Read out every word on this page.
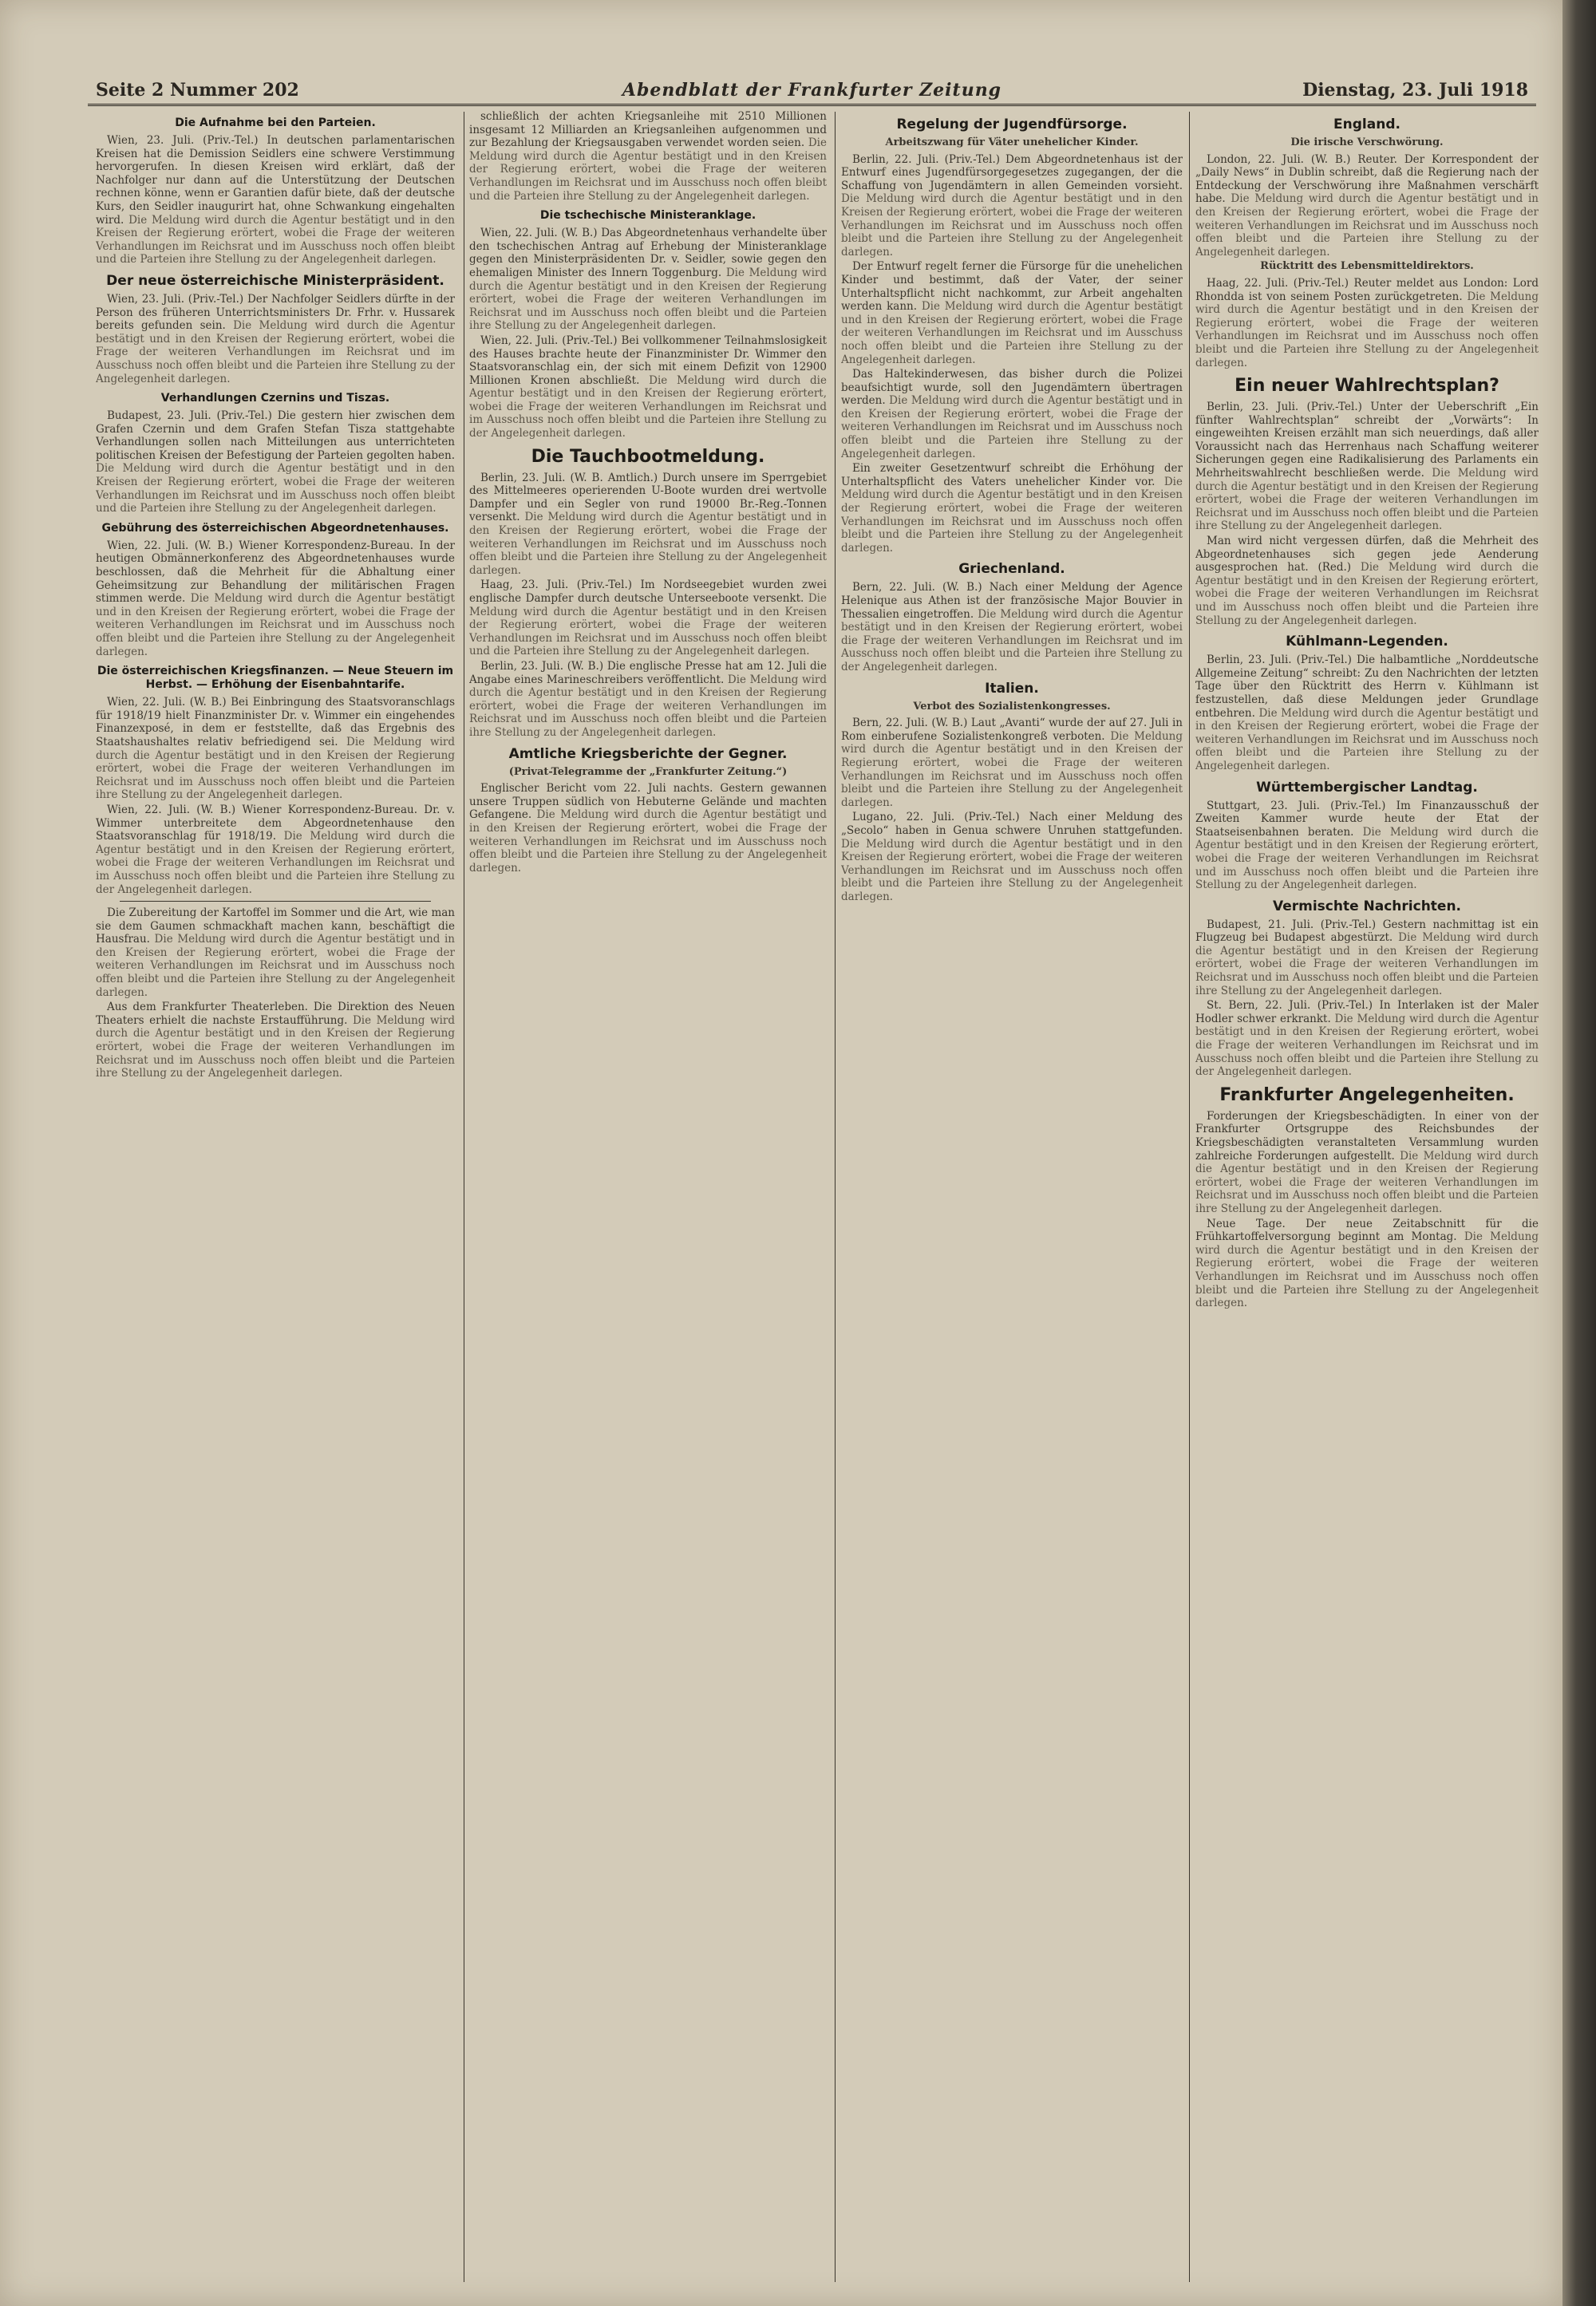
Abendblatt der Frankfurter Zeitung
Seite 2 Nummer 202	Dienstag, 23. Juli 1918
Die Aufnahme bei den Parteien.

Wien, 23. Juli. (Priv.-Tel.) In deutschen parlamentarischen Kreisen hat die Demission Seidlers eine schwere Verstimmung hervorgerufen. In diesen Kreisen wird erklärt, daß der Nachfolger nur dann auf die Unterstützung der Deutschen rechnen könne, wenn er Garantien dafür biete, daß der deutsche Kurs, den Seidler inaugurirt hat, ohne Schwankung eingehalten wird. Die Meldung wird durch die Agentur bestätigt und in den Kreisen der Regierung erörtert, wobei die Frage der weiteren Verhandlungen im Reichsrat und im Ausschuss noch offen bleibt und die Parteien ihre Stellung zu der Angelegenheit darlegen.

Der neue österreichische Ministerpräsident.

Wien, 23. Juli. (Priv.-Tel.) Der Nachfolger Seidlers dürfte in der Person des früheren Unterrichtsministers Dr. Frhr. v. Hussarek bereits gefunden sein. Die Meldung wird durch die Agentur bestätigt und in den Kreisen der Regierung erörtert, wobei die Frage der weiteren Verhandlungen im Reichsrat und im Ausschuss noch offen bleibt und die Parteien ihre Stellung zu der Angelegenheit darlegen.

Verhandlungen Czernins und Tiszas.

Budapest, 23. Juli. (Priv.-Tel.) Die gestern hier zwischen dem Grafen Czernin und dem Grafen Stefan Tisza stattgehabte Verhandlungen sollen nach Mitteilungen aus unterrichteten politischen Kreisen der Befestigung der Parteien gegolten haben. Die Meldung wird durch die Agentur bestätigt und in den Kreisen der Regierung erörtert, wobei die Frage der weiteren Verhandlungen im Reichsrat und im Ausschuss noch offen bleibt und die Parteien ihre Stellung zu der Angelegenheit darlegen.

Gebührung des österreichischen Abgeordnetenhauses.

Wien, 22. Juli. (W. B.) Wiener Korrespondenz-Bureau. In der heutigen Obmännerkonferenz des Abgeordnetenhauses wurde beschlossen, daß die Mehrheit für die Abhaltung einer Geheimsitzung zur Behandlung der militärischen Fragen stimmen werde. Die Meldung wird durch die Agentur bestätigt und in den Kreisen der Regierung erörtert, wobei die Frage der weiteren Verhandlungen im Reichsrat und im Ausschuss noch offen bleibt und die Parteien ihre Stellung zu der Angelegenheit darlegen.

Die österreichischen Kriegsfinanzen. — Neue Steuern im Herbst. — Erhöhung der Eisenbahntarife.

Wien, 22. Juli. (W. B.) Bei Einbringung des Staatsvoranschlags für 1918/19 hielt Finanzminister Dr. v. Wimmer ein eingehendes Finanzexposé, in dem er feststellte, daß das Ergebnis des Staatshaushaltes relativ befriedigend sei. Die Meldung wird durch die Agentur bestätigt und in den Kreisen der Regierung erörtert, wobei die Frage der weiteren Verhandlungen im Reichsrat und im Ausschuss noch offen bleibt und die Parteien ihre Stellung zu der Angelegenheit darlegen.

Wien, 22. Juli. (W. B.) Wiener Korrespondenz-Bureau. Dr. v. Wimmer unterbreitete dem Abgeordnetenhause den Staatsvoranschlag für 1918/19. Die Meldung wird durch die Agentur bestätigt und in den Kreisen der Regierung erörtert, wobei die Frage der weiteren Verhandlungen im Reichsrat und im Ausschuss noch offen bleibt und die Parteien ihre Stellung zu der Angelegenheit darlegen.

Die Zubereitung der Kartoffel im Sommer und die Art, wie man sie dem Gaumen schmackhaft machen kann, beschäftigt die Hausfrau. Die Meldung wird durch die Agentur bestätigt und in den Kreisen der Regierung erörtert, wobei die Frage der weiteren Verhandlungen im Reichsrat und im Ausschuss noch offen bleibt und die Parteien ihre Stellung zu der Angelegenheit darlegen.

Aus dem Frankfurter Theaterleben. Die Direktion des Neuen Theaters erhielt die nachste Erstaufführung. Die Meldung wird durch die Agentur bestätigt und in den Kreisen der Regierung erörtert, wobei die Frage der weiteren Verhandlungen im Reichsrat und im Ausschuss noch offen bleibt und die Parteien ihre Stellung zu der Angelegenheit darlegen.

schließlich der achten Kriegsanleihe mit 2510 Millionen insgesamt 12 Milliarden an Kriegsanleihen aufgenommen und zur Bezahlung der Kriegsausgaben verwendet worden seien. Die Meldung wird durch die Agentur bestätigt und in den Kreisen der Regierung erörtert, wobei die Frage der weiteren Verhandlungen im Reichsrat und im Ausschuss noch offen bleibt und die Parteien ihre Stellung zu der Angelegenheit darlegen.

Die tschechische Ministeranklage.

Wien, 22. Juli. (W. B.) Das Abgeordnetenhaus verhandelte über den tschechischen Antrag auf Erhebung der Ministeranklage gegen den Ministerpräsidenten Dr. v. Seidler, sowie gegen den ehemaligen Minister des Innern Toggenburg. Die Meldung wird durch die Agentur bestätigt und in den Kreisen der Regierung erörtert, wobei die Frage der weiteren Verhandlungen im Reichsrat und im Ausschuss noch offen bleibt und die Parteien ihre Stellung zu der Angelegenheit darlegen.

Wien, 22. Juli. (Priv.-Tel.) Bei vollkommener Teilnahmslosigkeit des Hauses brachte heute der Finanzminister Dr. Wimmer den Staatsvoranschlag ein, der sich mit einem Defizit von 12900 Millionen Kronen abschließt. Die Meldung wird durch die Agentur bestätigt und in den Kreisen der Regierung erörtert, wobei die Frage der weiteren Verhandlungen im Reichsrat und im Ausschuss noch offen bleibt und die Parteien ihre Stellung zu der Angelegenheit darlegen.

Die Tauchbootmeldung.

Berlin, 23. Juli. (W. B. Amtlich.) Durch unsere im Sperrgebiet des Mittelmeeres operierenden U-Boote wurden drei wertvolle Dampfer und ein Segler von rund 19000 Br.-Reg.-Tonnen versenkt. Die Meldung wird durch die Agentur bestätigt und in den Kreisen der Regierung erörtert, wobei die Frage der weiteren Verhandlungen im Reichsrat und im Ausschuss noch offen bleibt und die Parteien ihre Stellung zu der Angelegenheit darlegen.

Haag, 23. Juli. (Priv.-Tel.) Im Nordseegebiet wurden zwei englische Dampfer durch deutsche Unterseeboote versenkt. Die Meldung wird durch die Agentur bestätigt und in den Kreisen der Regierung erörtert, wobei die Frage der weiteren Verhandlungen im Reichsrat und im Ausschuss noch offen bleibt und die Parteien ihre Stellung zu der Angelegenheit darlegen.

Berlin, 23. Juli. (W. B.) Die englische Presse hat am 12. Juli die Angabe eines Marineschreibers veröffentlicht. Die Meldung wird durch die Agentur bestätigt und in den Kreisen der Regierung erörtert, wobei die Frage der weiteren Verhandlungen im Reichsrat und im Ausschuss noch offen bleibt und die Parteien ihre Stellung zu der Angelegenheit darlegen.

Amtliche Kriegsberichte der Gegner.
(Privat-Telegramme der „Frankfurter Zeitung.“)

Englischer Bericht vom 22. Juli nachts. Gestern gewannen unsere Truppen südlich von Hebuterne Gelände und machten Gefangene. Die Meldung wird durch die Agentur bestätigt und in den Kreisen der Regierung erörtert, wobei die Frage der weiteren Verhandlungen im Reichsrat und im Ausschuss noch offen bleibt und die Parteien ihre Stellung zu der Angelegenheit darlegen.

Regelung der Jugendfürsorge.
Arbeitszwang für Väter unehelicher Kinder.

Berlin, 22. Juli. (Priv.-Tel.) Dem Abgeordnetenhaus ist der Entwurf eines Jugendfürsorgegesetzes zugegangen, der die Schaffung von Jugendämtern in allen Gemeinden vorsieht. Die Meldung wird durch die Agentur bestätigt und in den Kreisen der Regierung erörtert, wobei die Frage der weiteren Verhandlungen im Reichsrat und im Ausschuss noch offen bleibt und die Parteien ihre Stellung zu der Angelegenheit darlegen.

Der Entwurf regelt ferner die Fürsorge für die unehelichen Kinder und bestimmt, daß der Vater, der seiner Unterhaltspflicht nicht nachkommt, zur Arbeit angehalten werden kann. Die Meldung wird durch die Agentur bestätigt und in den Kreisen der Regierung erörtert, wobei die Frage der weiteren Verhandlungen im Reichsrat und im Ausschuss noch offen bleibt und die Parteien ihre Stellung zu der Angelegenheit darlegen.

Das Haltekinderwesen, das bisher durch die Polizei beaufsichtigt wurde, soll den Jugendämtern übertragen werden. Die Meldung wird durch die Agentur bestätigt und in den Kreisen der Regierung erörtert, wobei die Frage der weiteren Verhandlungen im Reichsrat und im Ausschuss noch offen bleibt und die Parteien ihre Stellung zu der Angelegenheit darlegen.

Ein zweiter Gesetzentwurf schreibt die Erhöhung der Unterhaltspflicht des Vaters unehelicher Kinder vor. Die Meldung wird durch die Agentur bestätigt und in den Kreisen der Regierung erörtert, wobei die Frage der weiteren Verhandlungen im Reichsrat und im Ausschuss noch offen bleibt und die Parteien ihre Stellung zu der Angelegenheit darlegen.

Griechenland.

Bern, 22. Juli. (W. B.) Nach einer Meldung der Agence Helenique aus Athen ist der französische Major Bouvier in Thessalien eingetroffen. Die Meldung wird durch die Agentur bestätigt und in den Kreisen der Regierung erörtert, wobei die Frage der weiteren Verhandlungen im Reichsrat und im Ausschuss noch offen bleibt und die Parteien ihre Stellung zu der Angelegenheit darlegen.

Italien.
Verbot des Sozialistenkongresses.

Bern, 22. Juli. (W. B.) Laut „Avanti“ wurde der auf 27. Juli in Rom einberufene Sozialistenkongreß verboten. Die Meldung wird durch die Agentur bestätigt und in den Kreisen der Regierung erörtert, wobei die Frage der weiteren Verhandlungen im Reichsrat und im Ausschuss noch offen bleibt und die Parteien ihre Stellung zu der Angelegenheit darlegen.

Lugano, 22. Juli. (Priv.-Tel.) Nach einer Meldung des „Secolo“ haben in Genua schwere Unruhen stattgefunden. Die Meldung wird durch die Agentur bestätigt und in den Kreisen der Regierung erörtert, wobei die Frage der weiteren Verhandlungen im Reichsrat und im Ausschuss noch offen bleibt und die Parteien ihre Stellung zu der Angelegenheit darlegen.

England.
Die irische Verschwörung.

London, 22. Juli. (W. B.) Reuter. Der Korrespondent der „Daily News“ in Dublin schreibt, daß die Regierung nach der Entdeckung der Verschwörung ihre Maßnahmen verschärft habe. Die Meldung wird durch die Agentur bestätigt und in den Kreisen der Regierung erörtert, wobei die Frage der weiteren Verhandlungen im Reichsrat und im Ausschuss noch offen bleibt und die Parteien ihre Stellung zu der Angelegenheit darlegen.

Rücktritt des Lebensmitteldirektors.

Haag, 22. Juli. (Priv.-Tel.) Reuter meldet aus London: Lord Rhondda ist von seinem Posten zurückgetreten. Die Meldung wird durch die Agentur bestätigt und in den Kreisen der Regierung erörtert, wobei die Frage der weiteren Verhandlungen im Reichsrat und im Ausschuss noch offen bleibt und die Parteien ihre Stellung zu der Angelegenheit darlegen.

Ein neuer Wahlrechtsplan?

Berlin, 23. Juli. (Priv.-Tel.) Unter der Ueberschrift „Ein fünfter Wahlrechtsplan“ schreibt der „Vorwärts“: In eingeweihten Kreisen erzählt man sich neuerdings, daß aller Voraussicht nach das Herrenhaus nach Schaffung weiterer Sicherungen gegen eine Radikalisierung des Parlaments ein Mehrheitswahlrecht beschließen werde. Die Meldung wird durch die Agentur bestätigt und in den Kreisen der Regierung erörtert, wobei die Frage der weiteren Verhandlungen im Reichsrat und im Ausschuss noch offen bleibt und die Parteien ihre Stellung zu der Angelegenheit darlegen.

Man wird nicht vergessen dürfen, daß die Mehrheit des Abgeordnetenhauses sich gegen jede Aenderung ausgesprochen hat. (Red.) Die Meldung wird durch die Agentur bestätigt und in den Kreisen der Regierung erörtert, wobei die Frage der weiteren Verhandlungen im Reichsrat und im Ausschuss noch offen bleibt und die Parteien ihre Stellung zu der Angelegenheit darlegen.

Kühlmann-Legenden.

Berlin, 23. Juli. (Priv.-Tel.) Die halbamtliche „Norddeutsche Allgemeine Zeitung“ schreibt: Zu den Nachrichten der letzten Tage über den Rücktritt des Herrn v. Kühlmann ist festzustellen, daß diese Meldungen jeder Grundlage entbehren. Die Meldung wird durch die Agentur bestätigt und in den Kreisen der Regierung erörtert, wobei die Frage der weiteren Verhandlungen im Reichsrat und im Ausschuss noch offen bleibt und die Parteien ihre Stellung zu der Angelegenheit darlegen.

Württembergischer Landtag.

Stuttgart, 23. Juli. (Priv.-Tel.) Im Finanzausschuß der Zweiten Kammer wurde heute der Etat der Staatseisenbahnen beraten. Die Meldung wird durch die Agentur bestätigt und in den Kreisen der Regierung erörtert, wobei die Frage der weiteren Verhandlungen im Reichsrat und im Ausschuss noch offen bleibt und die Parteien ihre Stellung zu der Angelegenheit darlegen.

Vermischte Nachrichten.

Budapest, 21. Juli. (Priv.-Tel.) Gestern nachmittag ist ein Flugzeug bei Budapest abgestürzt. Die Meldung wird durch die Agentur bestätigt und in den Kreisen der Regierung erörtert, wobei die Frage der weiteren Verhandlungen im Reichsrat und im Ausschuss noch offen bleibt und die Parteien ihre Stellung zu der Angelegenheit darlegen.

St. Bern, 22. Juli. (Priv.-Tel.) In Interlaken ist der Maler Hodler schwer erkrankt. Die Meldung wird durch die Agentur bestätigt und in den Kreisen der Regierung erörtert, wobei die Frage der weiteren Verhandlungen im Reichsrat und im Ausschuss noch offen bleibt und die Parteien ihre Stellung zu der Angelegenheit darlegen.

Frankfurter Angelegenheiten.

Forderungen der Kriegsbeschädigten. In einer von der Frankfurter Ortsgruppe des Reichsbundes der Kriegsbeschädigten veranstalteten Versammlung wurden zahlreiche Forderungen aufgestellt. Die Meldung wird durch die Agentur bestätigt und in den Kreisen der Regierung erörtert, wobei die Frage der weiteren Verhandlungen im Reichsrat und im Ausschuss noch offen bleibt und die Parteien ihre Stellung zu der Angelegenheit darlegen.

Neue Tage. Der neue Zeitabschnitt für die Frühkartoffelversorgung beginnt am Montag. Die Meldung wird durch die Agentur bestätigt und in den Kreisen der Regierung erörtert, wobei die Frage der weiteren Verhandlungen im Reichsrat und im Ausschuss noch offen bleibt und die Parteien ihre Stellung zu der Angelegenheit darlegen.
